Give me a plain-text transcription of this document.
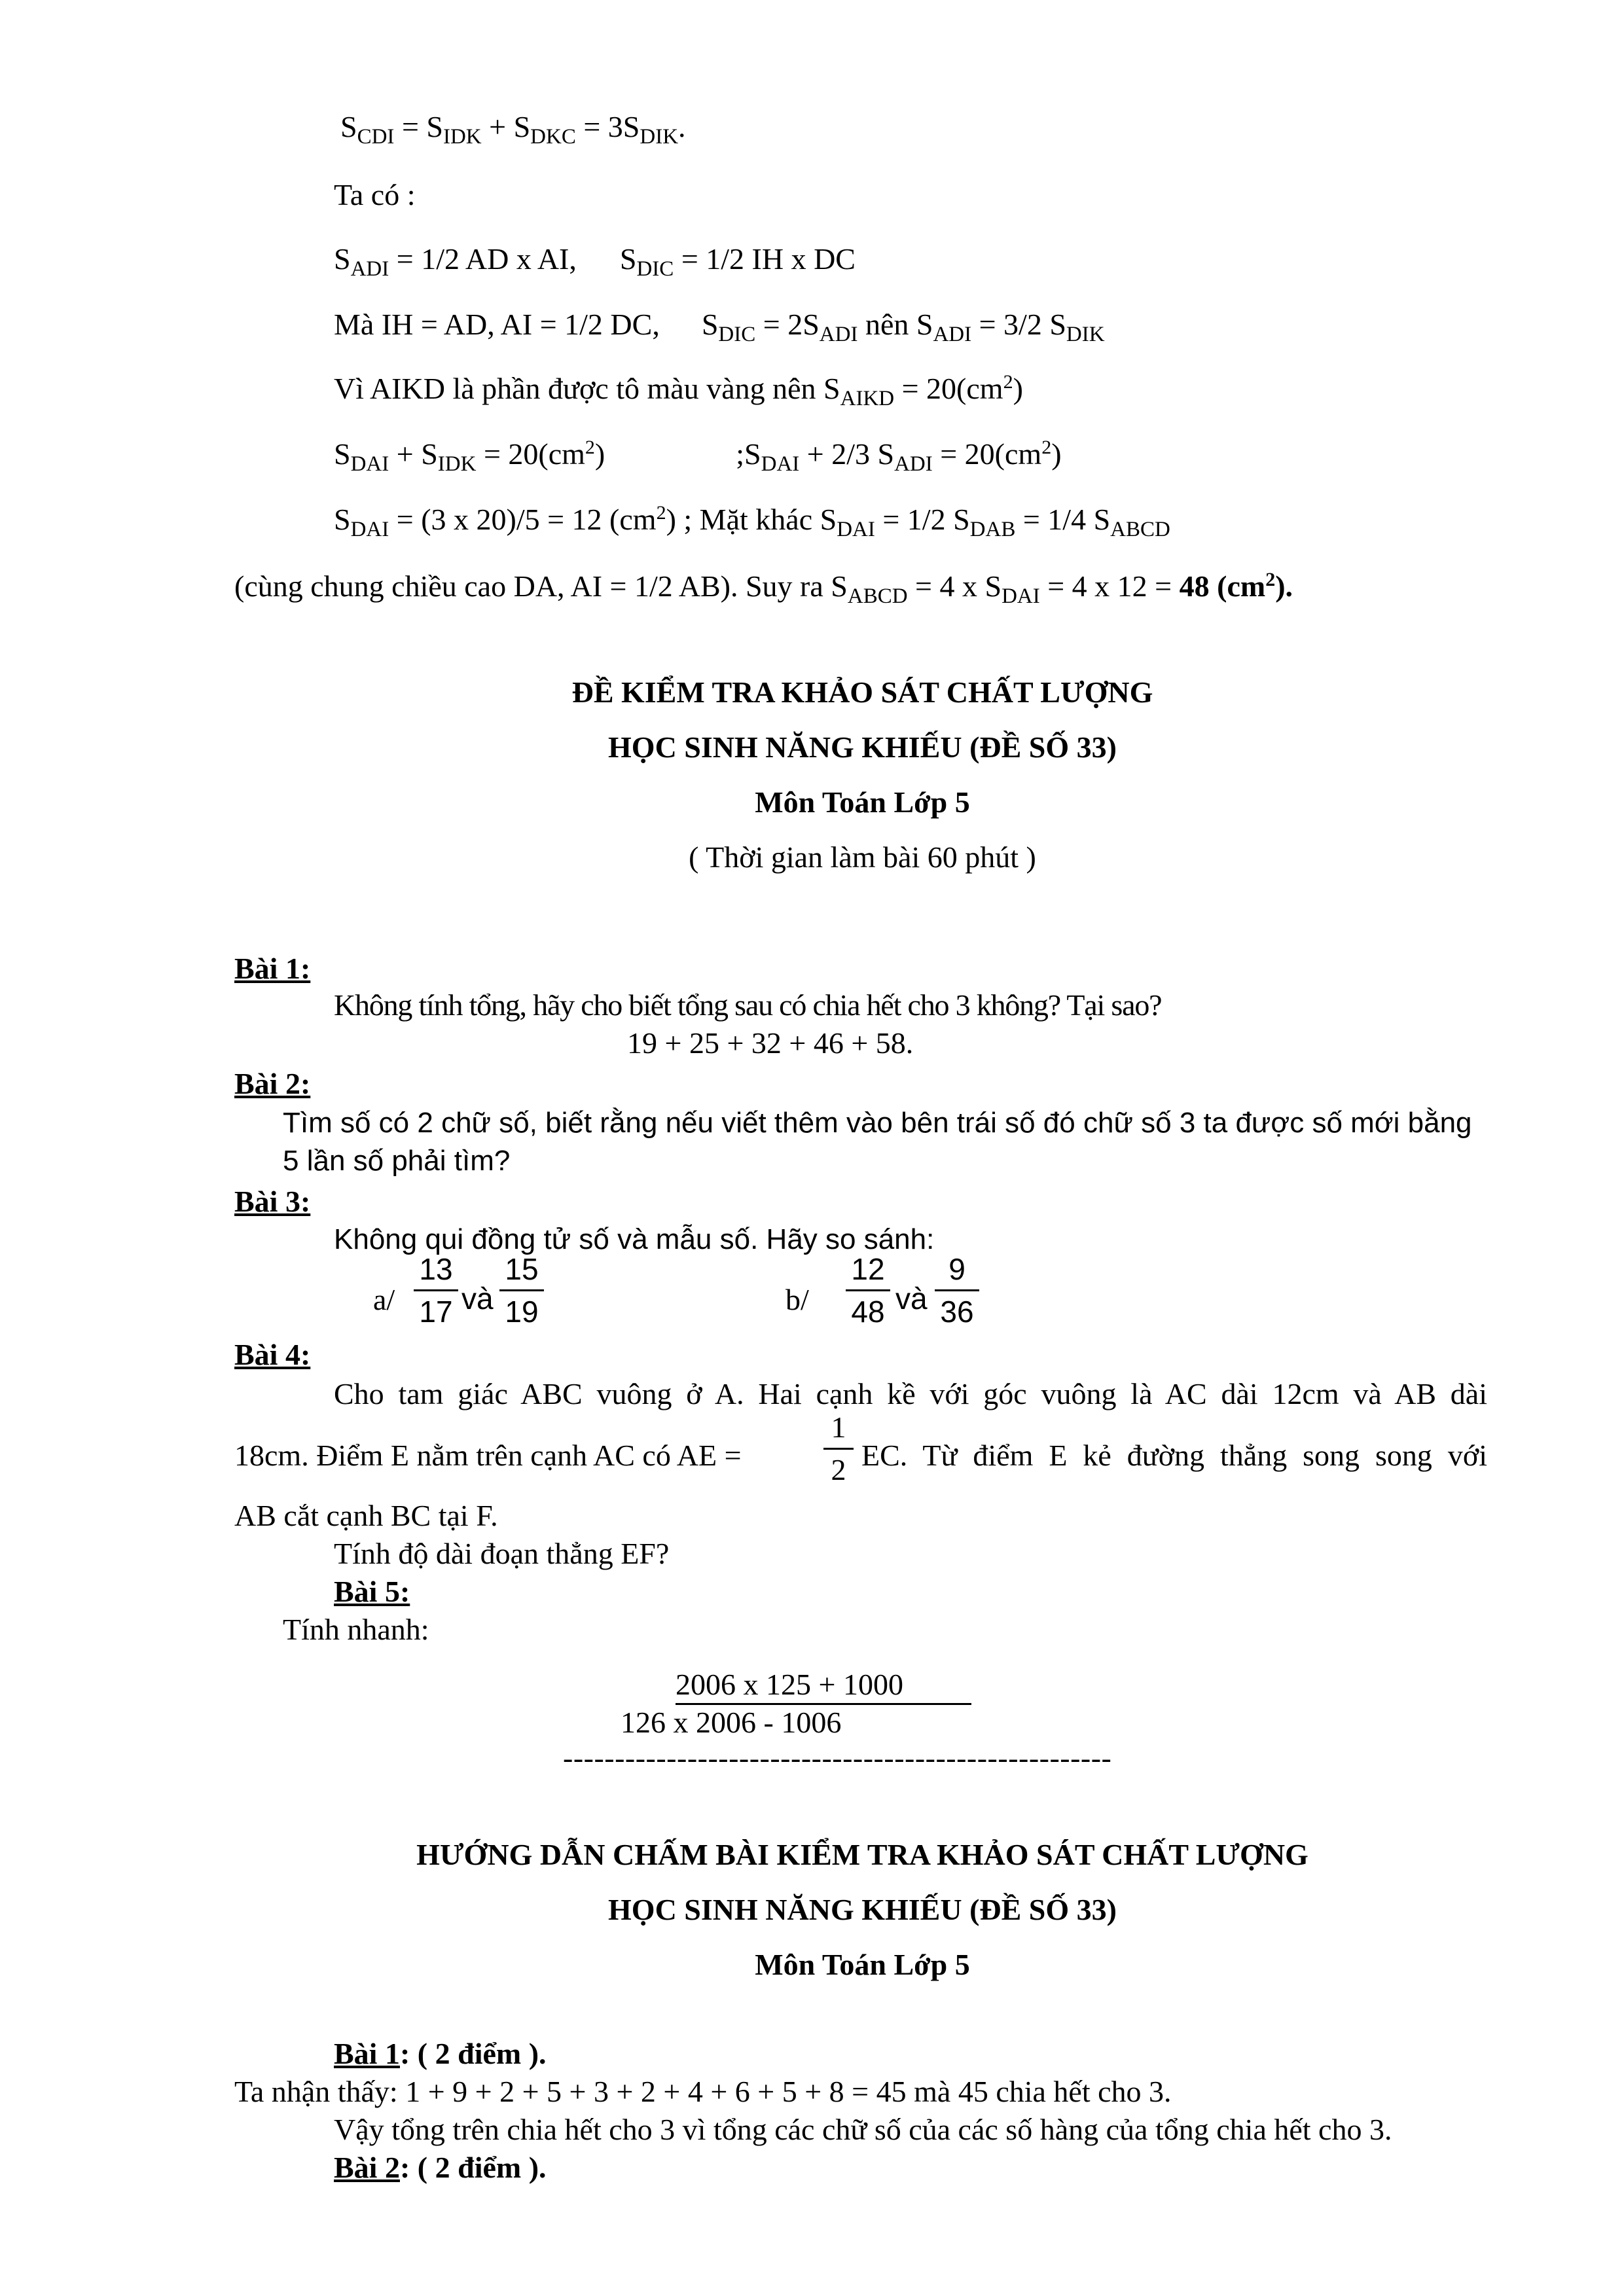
$S_{CDI} = S_{IDK} + S_{DKC} = 3S_{DIK}$.
Ta có :
$S_{ADI} = 1/2$ AD x AI, $S_{DIC} = 1/2$ IH x DC
Mà IH = AD, AI = 1/2 DC, $S_{DIC} = 2S_{ADI}$ nên $S_{ADI} = 3/2$ $S_{DIK}$
Vì AIKD là phần được tô màu vàng nên $S_{AIKD} = 20(cm^2)$
$S_{DAI} + S_{IDK} = 20(cm^2)$	$;S_{DAI} + 2/3$ $S_{ADI} = 20(cm^2)$
$S_{DAI} = (3$ x 20)/5 = 12 $(cm^2)$ ; Mặt khác $S_{DAI} = 1/2$ $S_{DAB} = 1/4$ $S_{ABCD}$
(cùng chung chiều cao DA, AI = 1/2 AB). Suy ra $S_{ABCD} = 4$ x $S_{DAI} = 4$ x 12 = 48 $(cm^2)$.
ĐỀ KIỂM TRA KHẢO SÁT CHẤT LƯỢNG
HỌC SINH NĂNG KHIẾU (ĐỀ SỐ 33)
Môn Toán Lớp 5
( Thời gian làm bài 60 phút )
Bài 1:
Không tính tổng, hãy cho biết tổng sau có chia hết cho 3 không? Tại sao?
19 + 25 + 32 + 46 + 58.
Bài 2:
Tìm số có 2 chữ số, biết rằng nếu viết thêm vào bên trái số đó chữ số 3 ta được số mới bằng
5 lần số phải tìm?
Bài 3:
Không qui đồng tử số và mẫu số. Hãy so sánh:
a/
13
17 và
15
19	b/
12
48 và
9
36
Bài 4:
Cho tam giác ABC vuông ở A. Hai cạnh kề với góc vuông là AC dài 12cm và AB dài
18cm. Điểm E nằm trên cạnh AC có AE =
1
2 EC. Từ điểm E kẻ đường thẳng song song với
AB cắt cạnh BC tại F.
Tính độ dài đoạn thẳng EF?
Bài 5:
Tính nhanh:
2006 x 125 + 1000
126 x 2006 - 1006
-----------------------------------------------------
HƯỚNG DẪN CHẤM BÀI KIỂM TRA KHẢO SÁT CHẤT LƯỢNG
HỌC SINH NĂNG KHIẾU (ĐỀ SỐ 33)
Môn Toán Lớp 5
Bài 1: ( 2 điểm ).
Ta nhận thấy: 1 + 9 + 2 + 5 + 3 + 2 + 4 + 6 + 5 + 8 = 45 mà 45 chia hết cho 3.
Vậy tổng trên chia hết cho 3 vì tổng các chữ số của các số hàng của tổng chia hết cho 3.
Bài 2: ( 2 điểm ).
